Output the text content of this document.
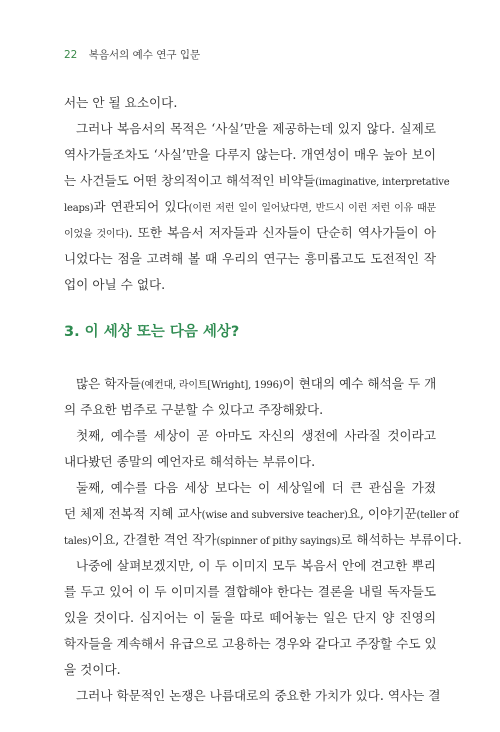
22 복음서의 예수 연구 입문
서는 안 될 요소이다.
그러나 복음서의 목적은 ‘사실’만을 제공하는데 있지 않다. 실제로
역사가들조차도 ‘사실’만을 다루지 않는다. 개연성이 매우 높아 보이
는 사건들도 어떤 창의적이고 해석적인 비약들(imaginative, interpretative
leaps)과 연관되어 있다(이런 저런 일이 일어났다면, 반드시 이런 저런 이유 때문
이었을 것이다). 또한 복음서 저자들과 신자들이 단순히 역사가들이 아
니었다는 점을 고려해 볼 때 우리의 연구는 흥미롭고도 도전적인 작
업이 아닐 수 없다.
3. 이 세상 또는 다음 세상?
많은 학자들(예컨대, 라이트[Wright], 1996)이 현대의 예수 해석을 두 개
의 주요한 범주로 구분할 수 있다고 주장해왔다.
첫째, 예수를 세상이 곧 아마도 자신의 생전에 사라질 것이라고
내다봤던 종말의 예언자로 해석하는 부류이다.
둘째, 예수를 다음 세상 보다는 이 세상일에 더 큰 관심을 가졌
던 체제 전복적 지혜 교사(wise and subversive teacher)요, 이야기꾼(teller of
tales)이요, 간결한 격언 작가(spinner of pithy sayings)로 해석하는 부류이다.
나중에 살펴보겠지만, 이 두 이미지 모두 복음서 안에 견고한 뿌리
를 두고 있어 이 두 이미지를 결합해야 한다는 결론을 내릴 독자들도
있을 것이다. 심지어는 이 둘을 따로 떼어놓는 일은 단지 양 진영의
학자들을 계속해서 유급으로 고용하는 경우와 같다고 주장할 수도 있
을 것이다.
그러나 학문적인 논쟁은 나름대로의 중요한 가치가 있다. 역사는 결
